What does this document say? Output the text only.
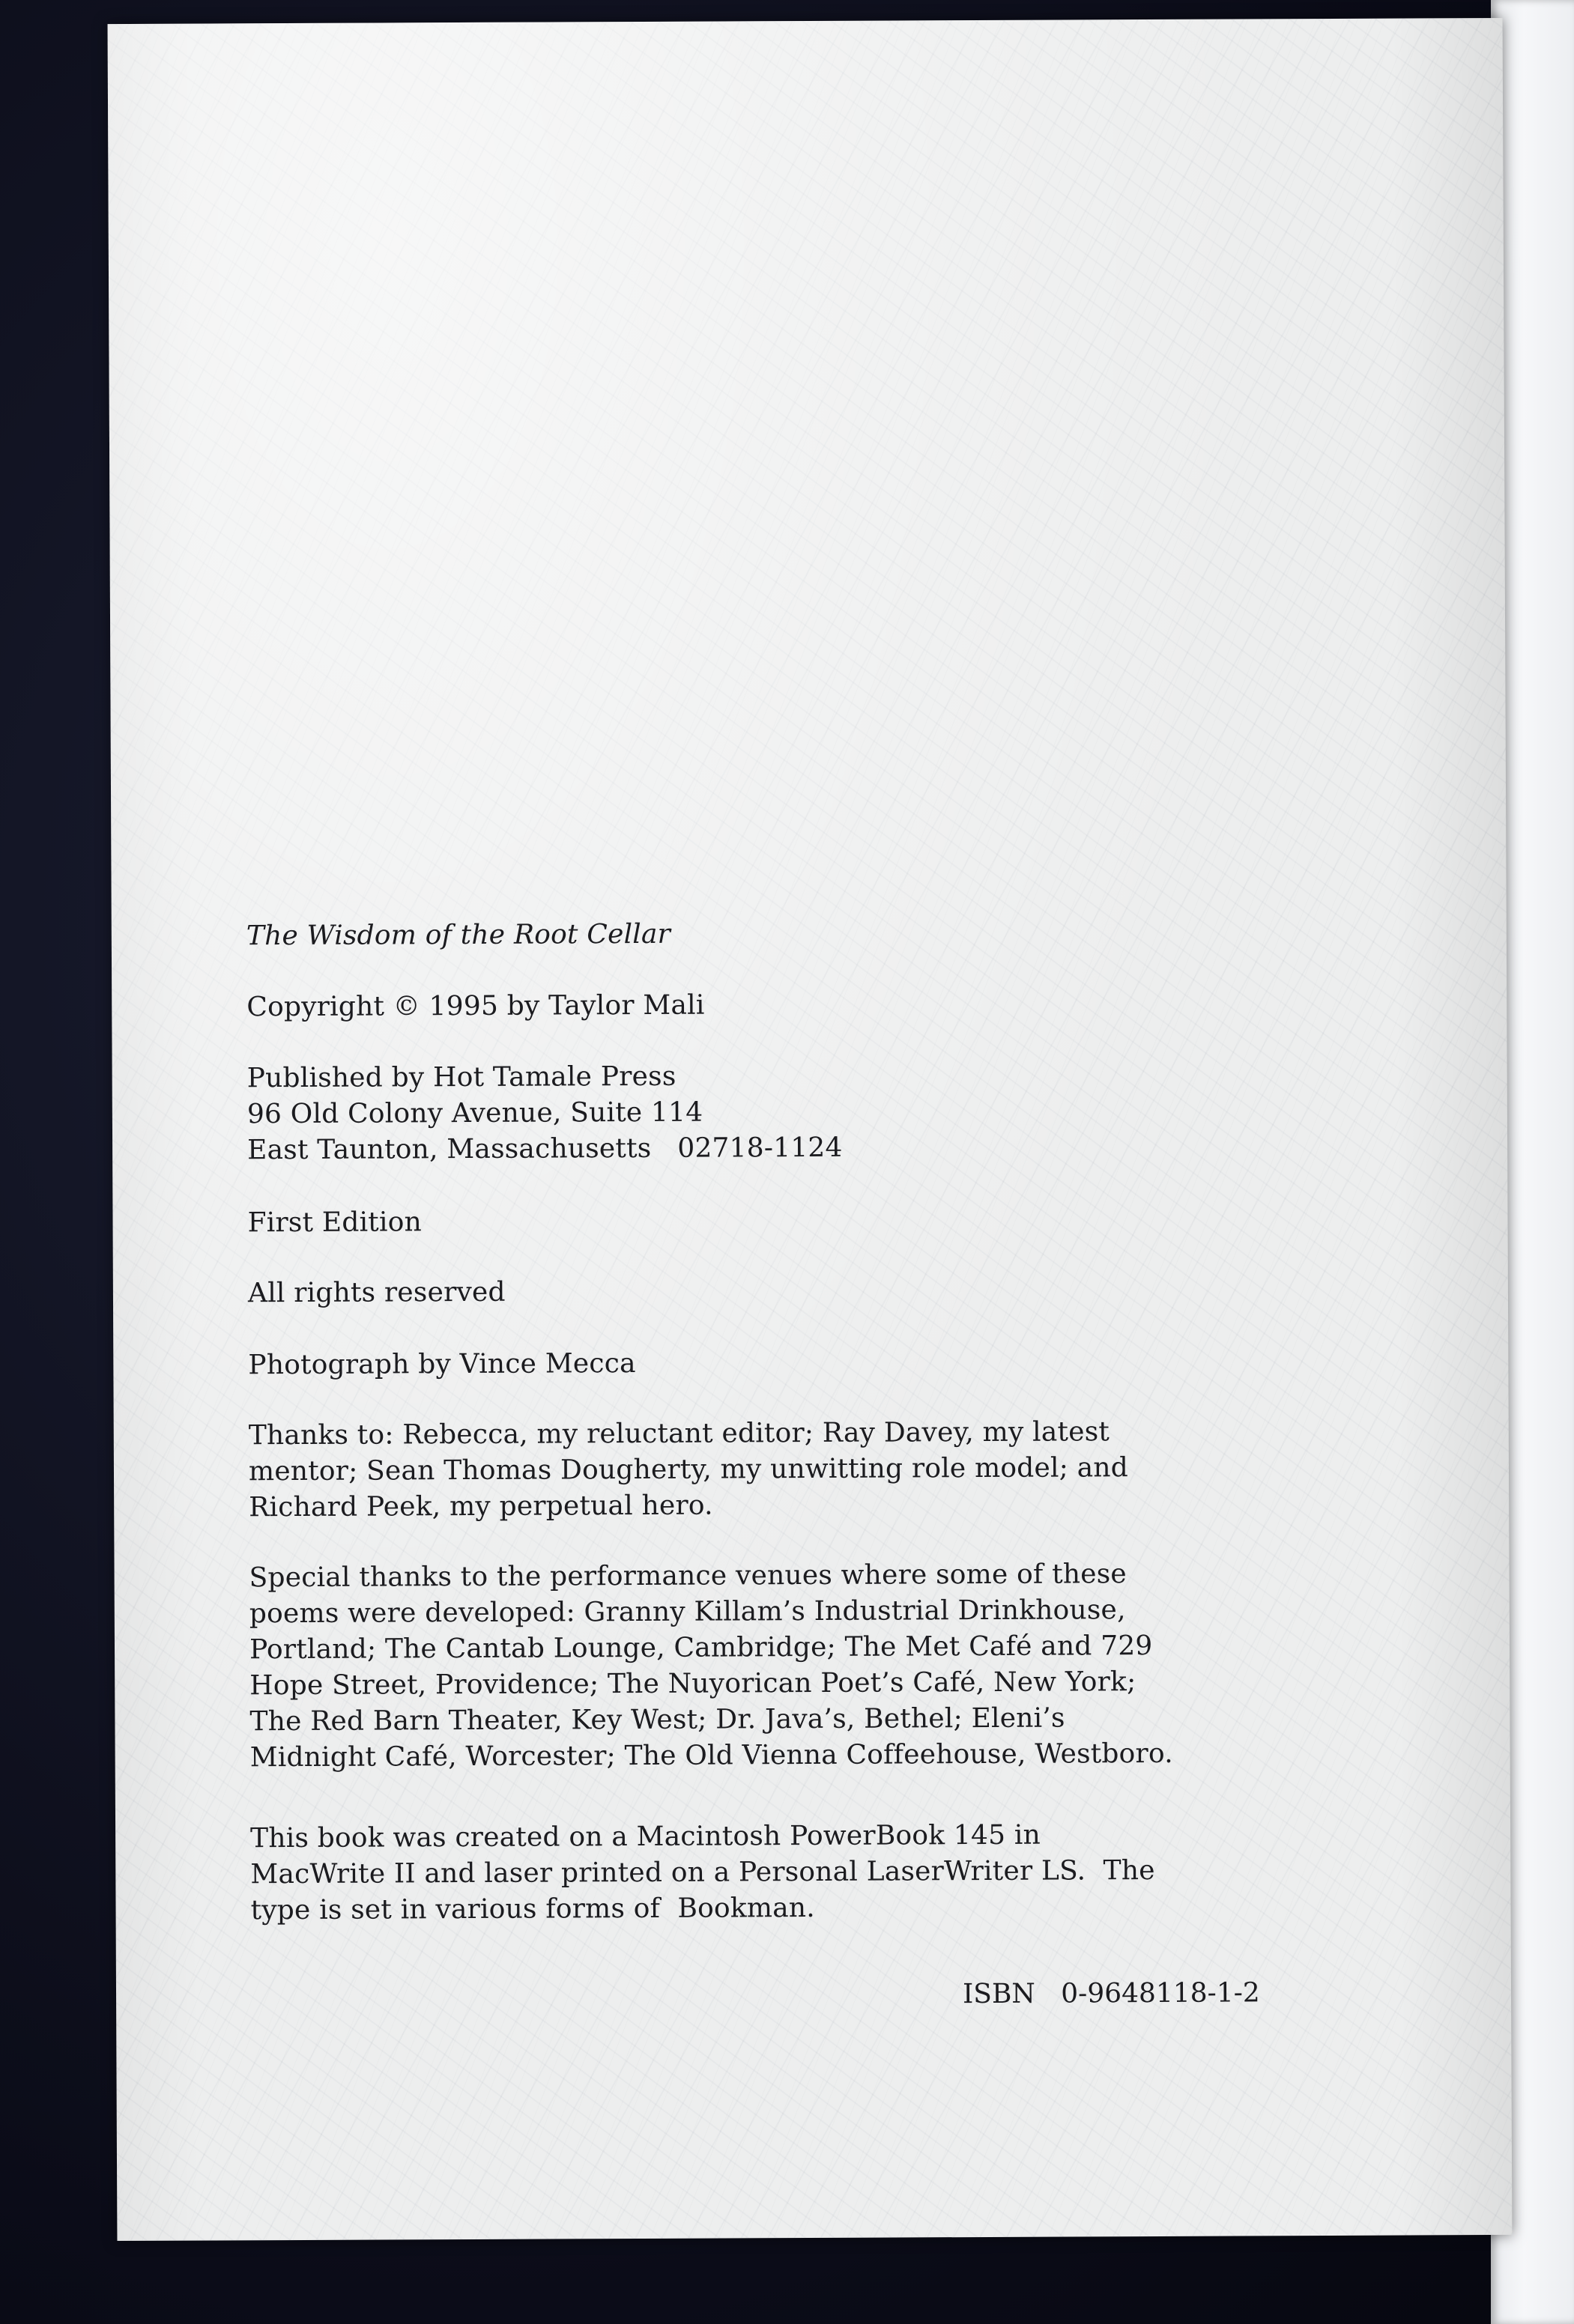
The Wisdom of the Root Cellar
Copyright © 1995 by Taylor Mali
Published by Hot Tamale Press
96 Old Colony Avenue, Suite 114
East Taunton, Massachusetts   02718-1124
First Edition
All rights reserved
Photograph by Vince Mecca
Thanks to: Rebecca, my reluctant editor; Ray Davey, my latest
mentor; Sean Thomas Dougherty, my unwitting role model; and
Richard Peek, my perpetual hero.
Special thanks to the performance venues where some of these
poems were developed: Granny Killam’s Industrial Drinkhouse,
Portland; The Cantab Lounge, Cambridge; The Met Café and 729
Hope Street, Providence; The Nuyorican Poet’s Café, New York;
The Red Barn Theater, Key West; Dr. Java’s, Bethel; Eleni’s
Midnight Café, Worcester; The Old Vienna Coffeehouse, Westboro.
This book was created on a Macintosh PowerBook 145 in
MacWrite II and laser printed on a Personal LaserWriter LS.  The
type is set in various forms of  Bookman.
ISBN   0-9648118-1-2
